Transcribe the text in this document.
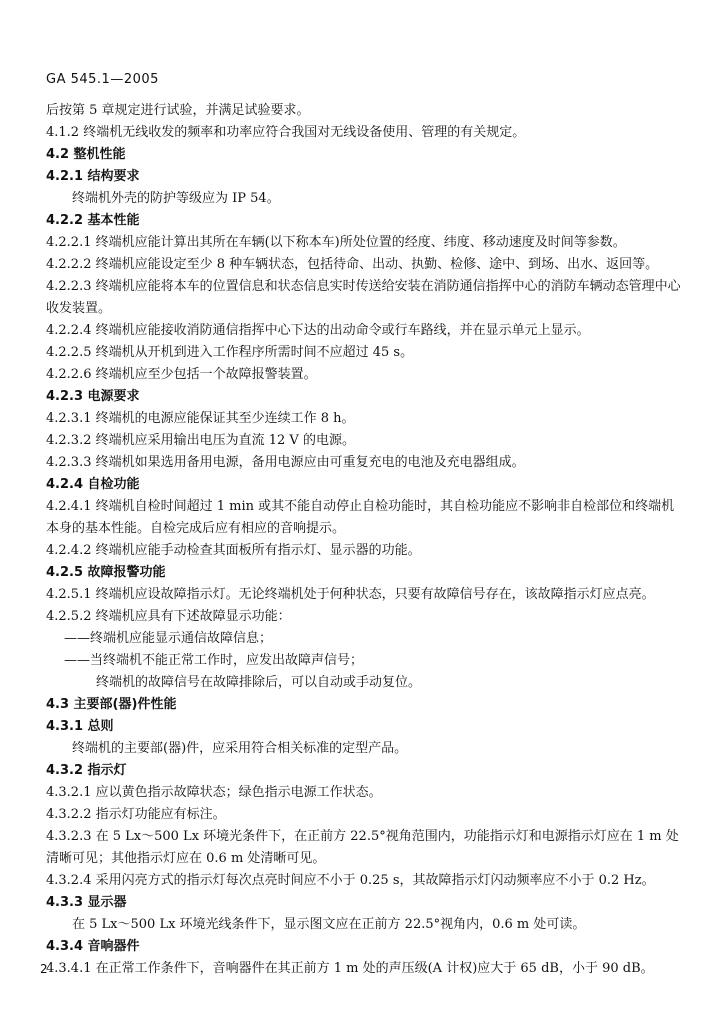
GA 545.1—2005
后按第 5 章规定进行试验，并满足试验要求。
4.1.2 终端机无线收发的频率和功率应符合我国对无线设备使用、管理的有关规定。
4.2 整机性能
4.2.1 结构要求
终端机外壳的防护等级应为 IP 54。
4.2.2 基本性能
4.2.2.1 终端机应能计算出其所在车辆(以下称本车)所处位置的经度、纬度、移动速度及时间等参数。
4.2.2.2 终端机应能设定至少 8 种车辆状态，包括待命、出动、执勤、检修、途中、到场、出水、返回等。
4.2.2.3 终端机应能将本车的位置信息和状态信息实时传送给安装在消防通信指挥中心的消防车辆动态管理中心收发装置。
4.2.2.4 终端机应能接收消防通信指挥中心下达的出动命令或行车路线，并在显示单元上显示。
4.2.2.5 终端机从开机到进入工作程序所需时间不应超过 45 s。
4.2.2.6 终端机应至少包括一个故障报警装置。
4.2.3 电源要求
4.2.3.1 终端机的电源应能保证其至少连续工作 8 h。
4.2.3.2 终端机应采用输出电压为直流 12 V 的电源。
4.2.3.3 终端机如果选用备用电源，备用电源应由可重复充电的电池及充电器组成。
4.2.4 自检功能
4.2.4.1 终端机自检时间超过 1 min 或其不能自动停止自检功能时，其自检功能应不影响非自检部位和终端机本身的基本性能。自检完成后应有相应的音响提示。
4.2.4.2 终端机应能手动检查其面板所有指示灯、显示器的功能。
4.2.5 故障报警功能
4.2.5.1 终端机应设故障指示灯。无论终端机处于何种状态，只要有故障信号存在，该故障指示灯应点亮。
4.2.5.2 终端机应具有下述故障显示功能：
——终端机应能显示通信故障信息；
——当终端机不能正常工作时，应发出故障声信号；
终端机的故障信号在故障排除后，可以自动或手动复位。
4.3 主要部(器)件性能
4.3.1 总则
终端机的主要部(器)件，应采用符合相关标准的定型产品。
4.3.2 指示灯
4.3.2.1 应以黄色指示故障状态；绿色指示电源工作状态。
4.3.2.2 指示灯功能应有标注。
4.3.2.3 在 5 Lx～500 Lx 环境光条件下，在正前方 22.5°视角范围内，功能指示灯和电源指示灯应在 1 m 处清晰可见；其他指示灯应在 0.6 m 处清晰可见。
4.3.2.4 采用闪亮方式的指示灯每次点亮时间应不小于 0.25 s，其故障指示灯闪动频率应不小于 0.2 Hz。
4.3.3 显示器
在 5 Lx～500 Lx 环境光线条件下，显示图文应在正前方 22.5°视角内，0.6 m 处可读。
4.3.4 音响器件
4.3.4.1 在正常工作条件下，音响器件在其正前方 1 m 处的声压级(A 计权)应大于 65 dB，小于 90 dB。
2
